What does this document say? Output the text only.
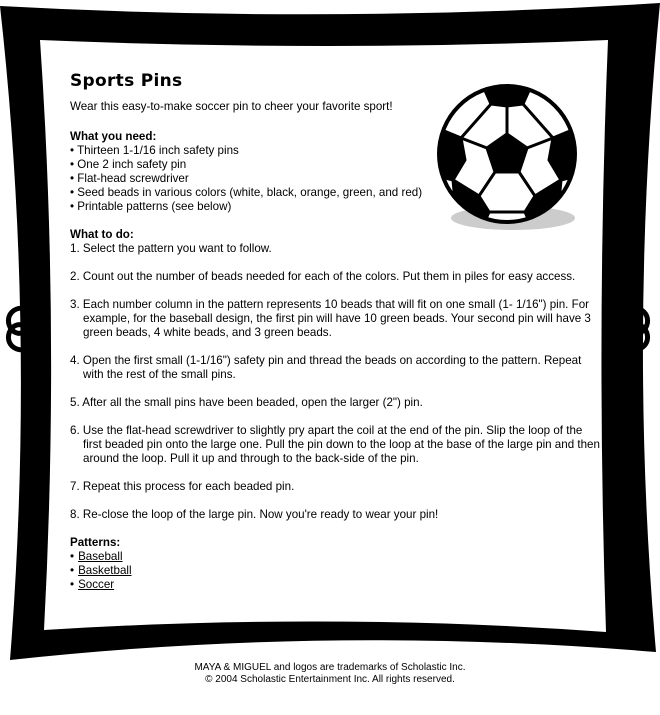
Sports Pins

Wear this easy-to-make soccer pin to cheer your favorite sport!

What you need:

• Thirteen 1-1/16 inch safety pins
• One 2 inch safety pin
• Flat-head screwdriver
• Seed beads in various colors (white, black, orange, green, and red)
• Printable patterns (see below)

What to do:

1. Select the pattern you want to follow.
2. Count out the number of beads needed for each of the colors. Put them in piles for easy access.
3. Each number column in the pattern represents 10 beads that will fit on one small (1- 1/16") pin. For example, for the baseball design, the first pin will have 10 green beads. Your second pin will have 3 green beads, 4 white beads, and 3 green beads.
4. Open the first small (1-1/16") safety pin and thread the beads on according to the pattern. Repeat with the rest of the small pins.
5. After all the small pins have been beaded, open the larger (2") pin.
6. Use the flat-head screwdriver to slightly pry apart the coil at the end of the pin. Slip the loop of the first beaded pin onto the large one. Pull the pin down to the loop at the base of the large pin and then around the loop. Pull it up and through to the back-side of the pin.
7. Repeat this process for each beaded pin.
8. Re-close the loop of the large pin. Now you're ready to wear your pin!

Patterns:

• Baseball
• Basketball
• Soccer
MAYA & MIGUEL and logos are trademarks of Scholastic Inc.
© 2004 Scholastic Entertainment Inc. All rights reserved.
